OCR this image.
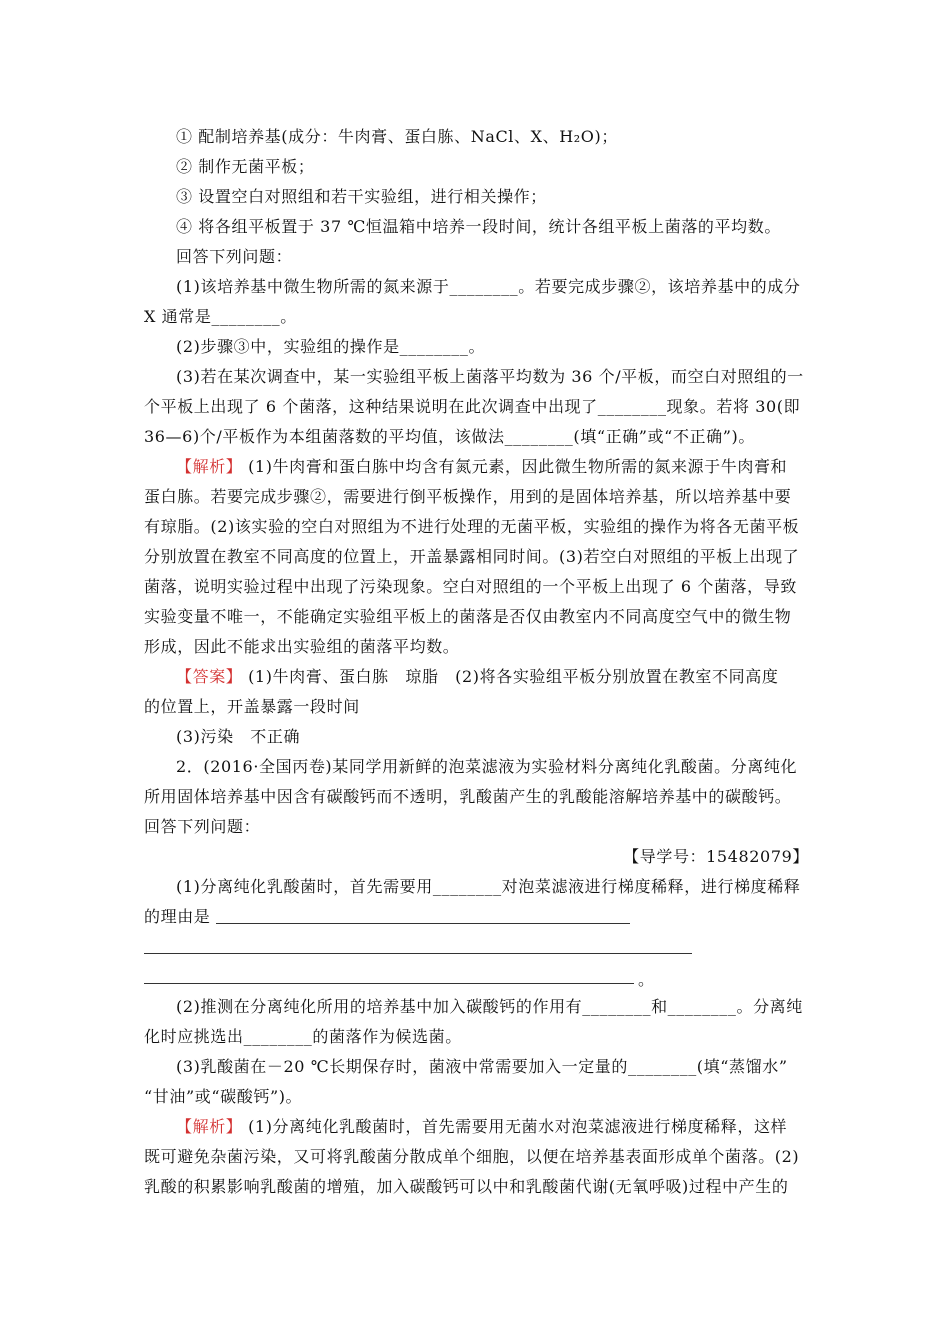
① 配制培养基(成分：牛肉膏、蛋白胨、NaCl、X、H₂O)；
② 制作无菌平板；
③ 设置空白对照组和若干实验组，进行相关操作；
④ 将各组平板置于 37 ℃恒温箱中培养一段时间，统计各组平板上菌落的平均数。
回答下列问题：
(1)该培养基中微生物所需的氮来源于________。若要完成步骤②，该培养基中的成分
X 通常是________。
(2)步骤③中，实验组的操作是________。
(3)若在某次调查中，某一实验组平板上菌落平均数为 36 个/平板，而空白对照组的一
个平板上出现了 6 个菌落，这种结果说明在此次调查中出现了________现象。若将 30(即
36—6)个/平板作为本组菌落数的平均值，该做法________(填“正确”或“不正确”)。
【解析】 (1)牛肉膏和蛋白胨中均含有氮元素，因此微生物所需的氮来源于牛肉膏和
蛋白胨。若要完成步骤②，需要进行倒平板操作，用到的是固体培养基，所以培养基中要
有琼脂。(2)该实验的空白对照组为不进行处理的无菌平板，实验组的操作为将各无菌平板
分别放置在教室不同高度的位置上，开盖暴露相同时间。(3)若空白对照组的平板上出现了
菌落，说明实验过程中出现了污染现象。空白对照组的一个平板上出现了 6 个菌落，导致
实验变量不唯一，不能确定实验组平板上的菌落是否仅由教室内不同高度空气中的微生物
形成，因此不能求出实验组的菌落平均数。
【答案】 (1)牛肉膏、蛋白胨　琼脂　(2)将各实验组平板分别放置在教室不同高度
的位置上，开盖暴露一段时间
(3)污染　不正确
2．(2016·全国丙卷)某同学用新鲜的泡菜滤液为实验材料分离纯化乳酸菌。分离纯化
所用固体培养基中因含有碳酸钙而不透明，乳酸菌产生的乳酸能溶解培养基中的碳酸钙。
回答下列问题：
【导学号：15482079】
(1)分离纯化乳酸菌时，首先需要用________对泡菜滤液进行梯度稀释，进行梯度稀释
的理由是
。
(2)推测在分离纯化所用的培养基中加入碳酸钙的作用有________和________。分离纯
化时应挑选出________的菌落作为候选菌。
(3)乳酸菌在－20 ℃长期保存时，菌液中常需要加入一定量的________(填“蒸馏水”
“甘油”或“碳酸钙”)。
【解析】 (1)分离纯化乳酸菌时，首先需要用无菌水对泡菜滤液进行梯度稀释，这样
既可避免杂菌污染，又可将乳酸菌分散成单个细胞，以便在培养基表面形成单个菌落。(2)
乳酸的积累影响乳酸菌的增殖，加入碳酸钙可以中和乳酸菌代谢(无氧呼吸)过程中产生的
